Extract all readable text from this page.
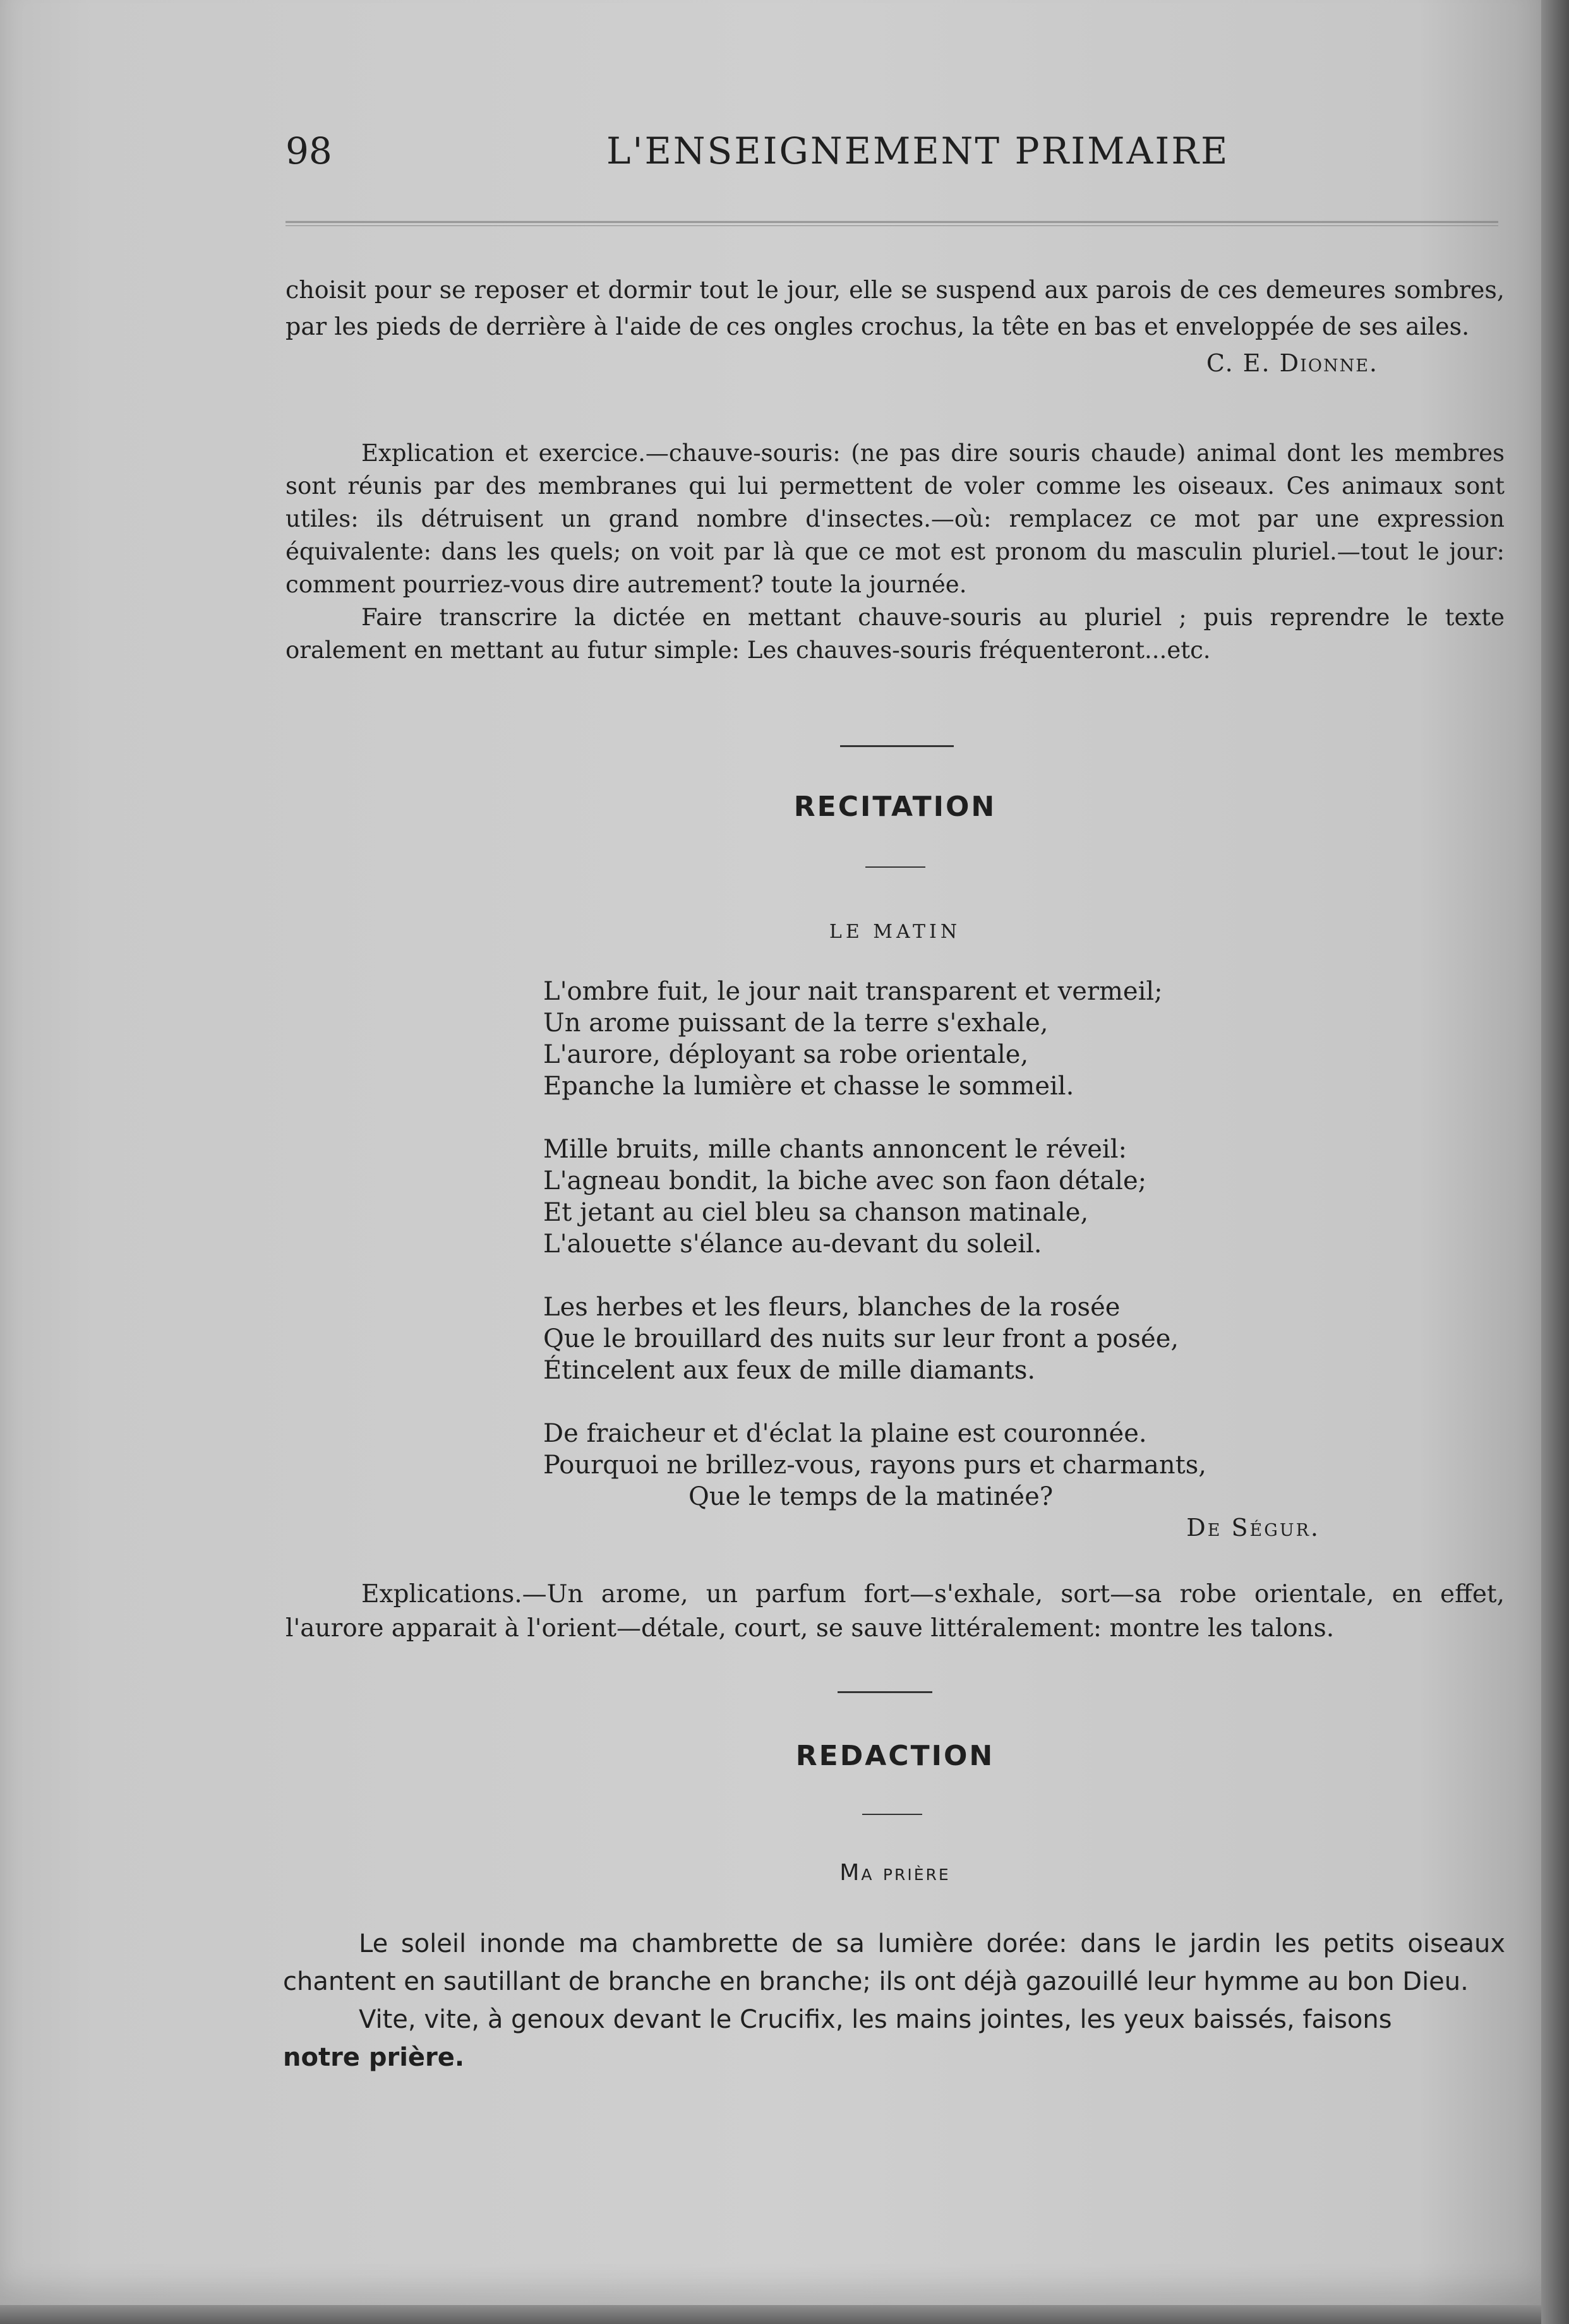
98	L'ENSEIGNEMENT PRIMAIRE

choisit pour se reposer et dormir tout le jour, elle se suspend aux parois de ces demeures sombres, par les pieds de derrière à l'aide de ces ongles crochus, la tête en bas et enveloppée de ses ailes.

C. E. Dionne.

Explication et exercice.—chauve-souris: (ne pas dire souris chaude) animal dont les membres sont réunis par des membranes qui lui permettent de voler comme les oiseaux. Ces animaux sont utiles: ils détruisent un grand nombre d'insectes.—où: remplacez ce mot par une expression équivalente: dans les quels; on voit par là que ce mot est pronom du masculin pluriel.—tout le jour: comment pourriez-vous dire autrement? toute la journée.

Faire transcrire la dictée en mettant chauve-souris au pluriel ; puis reprendre le texte oralement en mettant au futur simple: Les chauves-souris fréquenteront...etc.

RECITATION
LE MATIN

L'ombre fuit, le jour nait transparent et vermeil;

Un arome puissant de la terre s'exhale,

L'aurore, déployant sa robe orientale,

Epanche la lumière et chasse le sommeil.

Mille bruits, mille chants annoncent le réveil:

L'agneau bondit, la biche avec son faon détale;

Et jetant au ciel bleu sa chanson matinale,

L'alouette s'élance au-devant du soleil.

Les herbes et les fleurs, blanches de la rosée

Que le brouillard des nuits sur leur front a posée,

Étincelent aux feux de mille diamants.

De fraicheur et d'éclat la plaine est couronnée.

Pourquoi ne brillez-vous, rayons purs et charmants,

Que le temps de la matinée?

De Ségur.

Explications.—Un arome, un parfum fort—s'exhale, sort—sa robe orientale, en effet, l'aurore apparait à l'orient—détale, court, se sauve littéralement: montre les talons.

REDACTION
Ma prière

Le soleil inonde ma chambrette de sa lumière dorée: dans le jardin les petits oiseaux chantent en sautillant de branche en branche; ils ont déjà gazouillé leur hymme au bon Dieu.

Vite, vite, à genoux devant le Crucifix, les mains jointes, les yeux baissés, faisons

notre prière.
